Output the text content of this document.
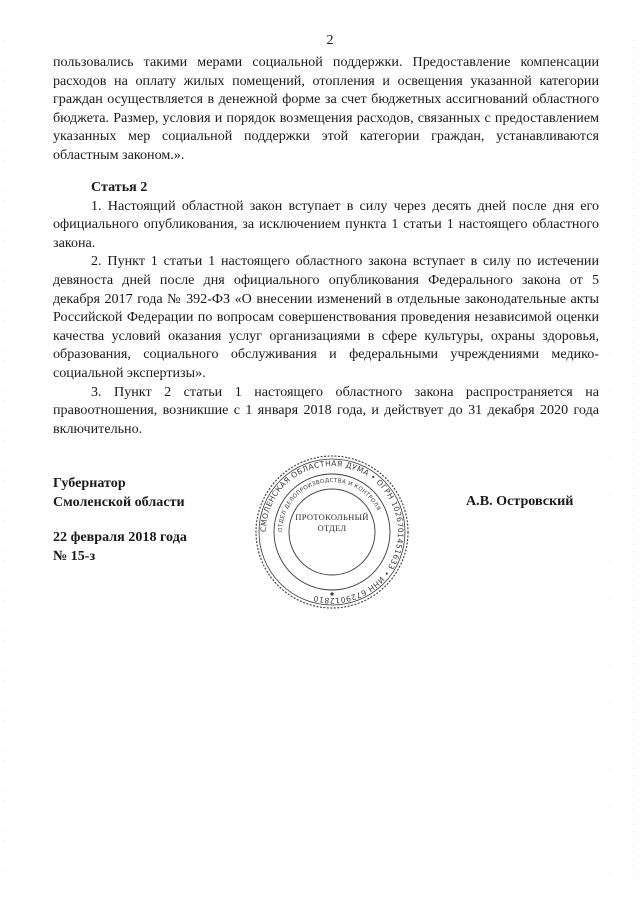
2

пользовались такими мерами социальной поддержки. Предоставление компенсации расходов на оплату жилых помещений, отопления и освещения указанной категории граждан осуществляется в денежной форме за счет бюджетных ассигнований областного бюджета. Размер, условия и порядок возмещения расходов, связанных с предоставлением указанных мер социальной поддержки этой категории граждан, устанавливаются областным законом.».

Статья 2

1. Настоящий областной закон вступает в силу через десять дней после дня его официального опубликования, за исключением пункта 1 статьи 1 настоящего областного закона.

2. Пункт 1 статьи 1 настоящего областного закона вступает в силу по истечении девяноста дней после дня официального опубликования Федерального закона от 5 декабря 2017 года № 392-ФЗ «О внесении изменений в отдельные законодательные акты Российской Федерации по вопросам совершенствования проведения независимой оценки качества условий оказания услуг организациями в сфере культуры, охраны здоровья, образования, социального обслуживания и федеральными учреждениями медико-социальной экспертизы».

3. Пункт 2 статьи 1 настоящего областного закона распространяется на правоотношения, возникшие с 1 января 2018 года, и действует до 31 декабря 2020 года включительно.

Губернатор

Смоленской области

22 февраля 2018 года

№ 15-з

А.В. Островский
СМОЛЕНСКАЯ ОБЛАСТНАЯ ДУМА • ОГРН 1026701451633 • ИНН 6729012810
ОТДЕЛ ДЕЛОПРОИЗВОДСТВА И КОНТРОЛЯ

ПРОТОКОЛЬНЫЙ

ОТДЕЛ
